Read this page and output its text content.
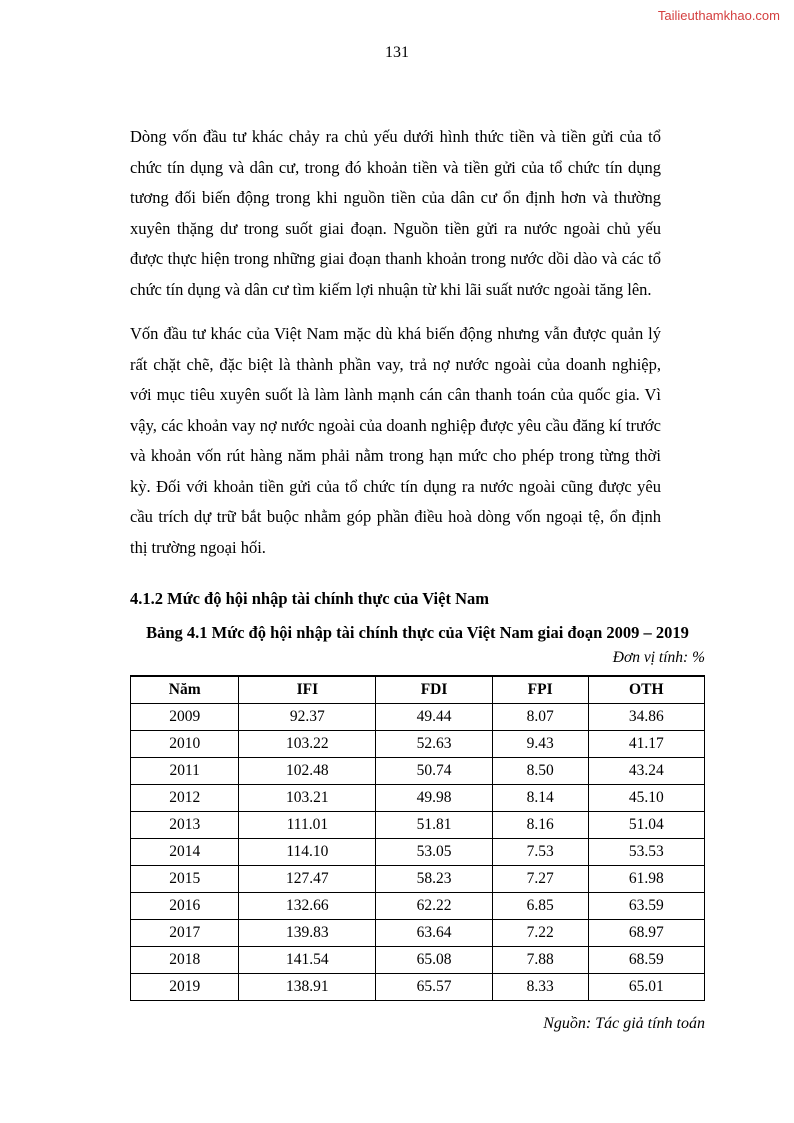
Tailieuthamkhao.com
131

Dòng vốn đầu tư khác chảy ra chủ yếu dưới hình thức tiền và tiền gửi của tổ chức tín dụng và dân cư, trong đó khoản tiền và tiền gửi của tổ chức tín dụng tương đối biến động trong khi nguồn tiền của dân cư ổn định hơn và thường xuyên thặng dư trong suốt giai đoạn. Nguồn tiền gửi ra nước ngoài chủ yếu được thực hiện trong những giai đoạn thanh khoản trong nước dồi dào và các tổ chức tín dụng và dân cư tìm kiếm lợi nhuận từ khi lãi suất nước ngoài tăng lên.

Vốn đầu tư khác của Việt Nam mặc dù khá biến động nhưng vẫn được quản lý rất chặt chẽ, đặc biệt là thành phần vay, trả nợ nước ngoài của doanh nghiệp, với mục tiêu xuyên suốt là làm lành mạnh cán cân thanh toán của quốc gia. Vì vậy, các khoản vay nợ nước ngoài của doanh nghiệp được yêu cầu đăng kí trước và khoản vốn rút hàng năm phải nằm trong hạn mức cho phép trong từng thời kỳ. Đối với khoản tiền gửi của tổ chức tín dụng ra nước ngoài cũng được yêu cầu trích dự trữ bắt buộc nhằm góp phần điều hoà dòng vốn ngoại tệ, ổn định thị trường ngoại hối.

4.1.2 Mức độ hội nhập tài chính thực của Việt Nam
Bảng 4.1 Mức độ hội nhập tài chính thực của Việt Nam giai đoạn 2009 – 2019
Đơn vị tính: %
Năm	IFI	FDI	FPI	OTH
2009	92.37	49.44	8.07	34.86
2010	103.22	52.63	9.43	41.17
2011	102.48	50.74	8.50	43.24
2012	103.21	49.98	8.14	45.10
2013	111.01	51.81	8.16	51.04
2014	114.10	53.05	7.53	53.53
2015	127.47	58.23	7.27	61.98
2016	132.66	62.22	6.85	63.59
2017	139.83	63.64	7.22	68.97
2018	141.54	65.08	7.88	68.59
2019	138.91	65.57	8.33	65.01
Nguồn: Tác giả tính toán
